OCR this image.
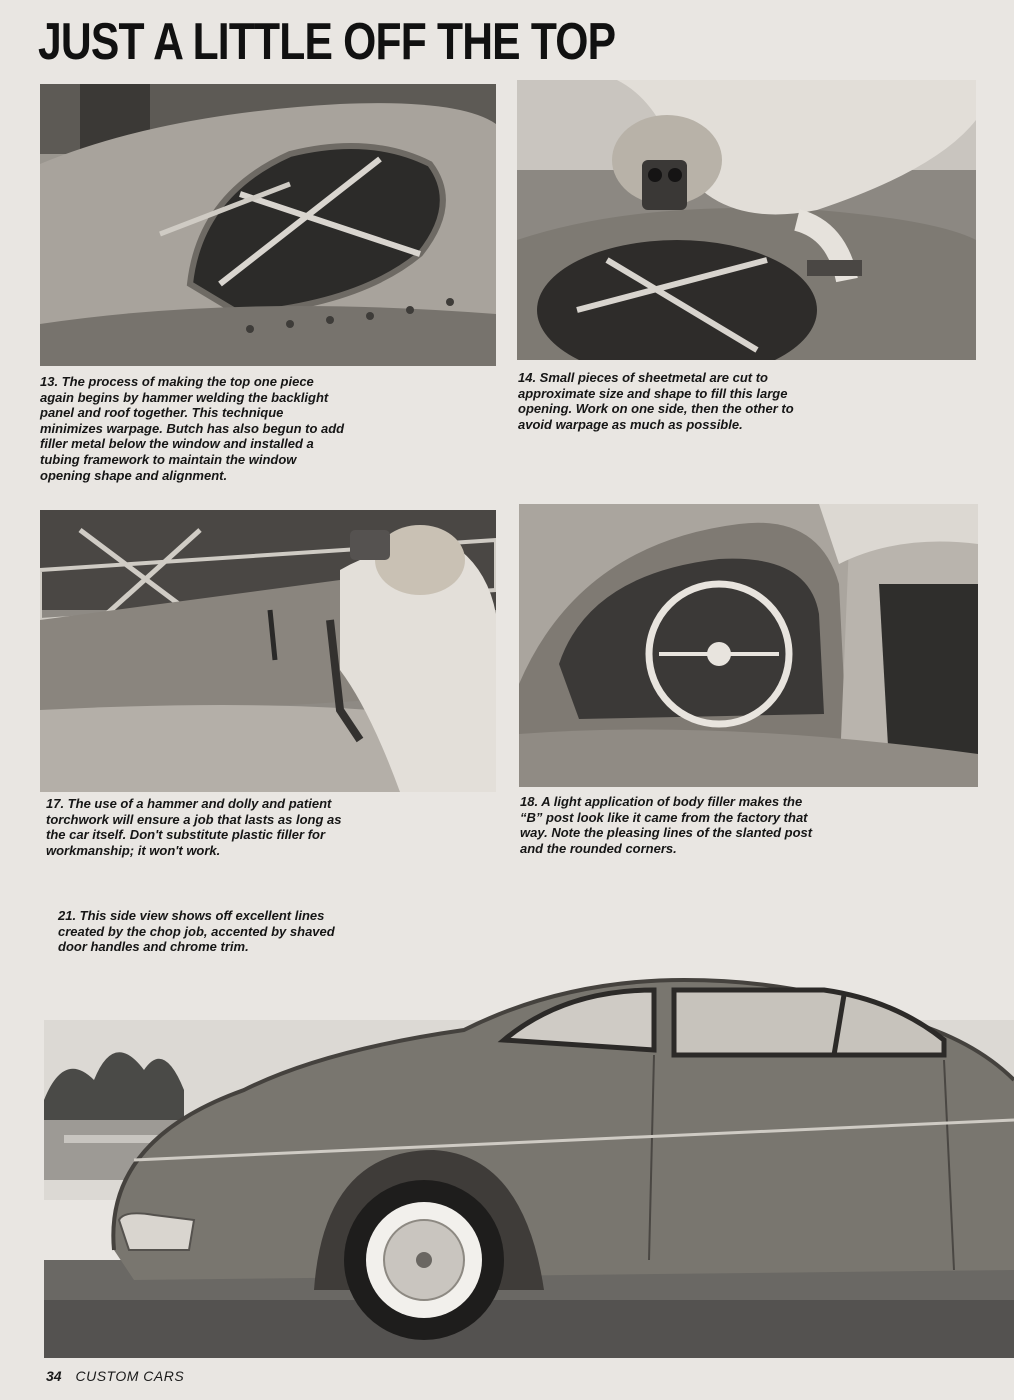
JUST A LITTLE OFF THE TOP
13. The process of making the top one piece again begins by hammer welding the backlight panel and roof together. This technique minimizes warpage. Butch has also begun to add filler metal below the window and installed a tubing framework to maintain the window opening shape and alignment.
14. Small pieces of sheetmetal are cut to approximate size and shape to fill this large opening. Work on one side, then the other to avoid warpage as much as possible.
17. The use of a hammer and dolly and patient torchwork will ensure a job that lasts as long as the car itself. Don't substitute plastic filler for workmanship; it won't work.
18. A light application of body filler makes the “B” post look like it came from the factory that way. Note the pleasing lines of the slanted post and the rounded corners.

21. This side view shows off excellent lines created by the chop job, accented by shaved door handles and chrome trim.
34 CUSTOM CARS
